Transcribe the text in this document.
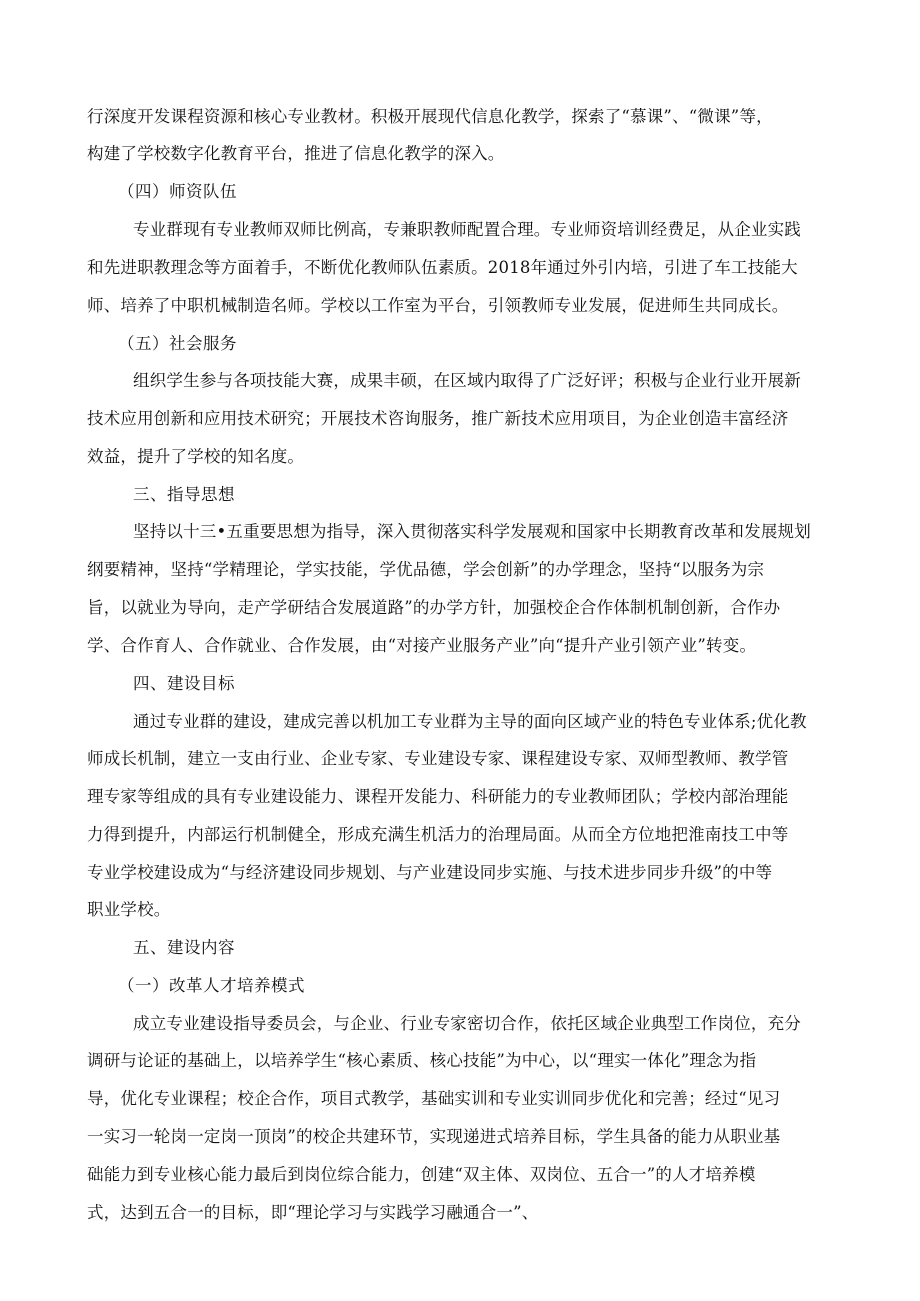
行深度开发课程资源和核心专业教材。积极开展现代信息化教学，探索了“慕课”、“微课”等，

构建了学校数字化教育平台，推进了信息化教学的深入。

（四）师资队伍

专业群现有专业教师双师比例高，专兼职教师配置合理。专业师资培训经费足，从企业实践

和先进职教理念等方面着手，不断优化教师队伍素质。2018年通过外引内培，引进了车工技能大

师、培养了中职机械制造名师。学校以工作室为平台，引领教师专业发展，促进师生共同成长。

（五）社会服务

组织学生参与各项技能大赛，成果丰硕，在区域内取得了广泛好评；积极与企业行业开展新

技术应用创新和应用技术研究；开展技术咨询服务，推广新技术应用项目，为企业创造丰富经济

效益，提升了学校的知名度。

三、指导思想

坚持以十三•五重要思想为指导，深入贯彻落实科学发展观和国家中长期教育改革和发展规划

纲要精神，坚持“学精理论，学实技能，学优品德，学会创新”的办学理念，坚持“以服务为宗

旨，以就业为导向，走产学研结合发展道路”的办学方针，加强校企合作体制机制创新，合作办

学、合作育人、合作就业、合作发展，由“对接产业服务产业”向“提升产业引领产业”转变。

四、建设目标

通过专业群的建设，建成完善以机加工专业群为主导的面向区域产业的特色专业体系;优化教

师成长机制，建立一支由行业、企业专家、专业建设专家、课程建设专家、双师型教师、教学管

理专家等组成的具有专业建设能力、课程开发能力、科研能力的专业教师团队；学校内部治理能

力得到提升，内部运行机制健全，形成充满生机活力的治理局面。从而全方位地把淮南技工中等

专业学校建设成为“与经济建设同步规划、与产业建设同步实施、与技术进步同步升级”的中等

职业学校。

五、建设内容

（一）改革人才培养模式

成立专业建设指导委员会，与企业、行业专家密切合作，依托区域企业典型工作岗位，充分

调研与论证的基础上，以培养学生“核心素质、核心技能”为中心，以“理实一体化”理念为指

导，优化专业课程；校企合作，项目式教学，基础实训和专业实训同步优化和完善；经过“见习

一实习一轮岗一定岗一顶岗”的校企共建环节，实现递进式培养目标，学生具备的能力从职业基

础能力到专业核心能力最后到岗位综合能力，创建“双主体、双岗位、五合一”的人才培养模

式，达到五合一的目标，即“理论学习与实践学习融通合一”、
